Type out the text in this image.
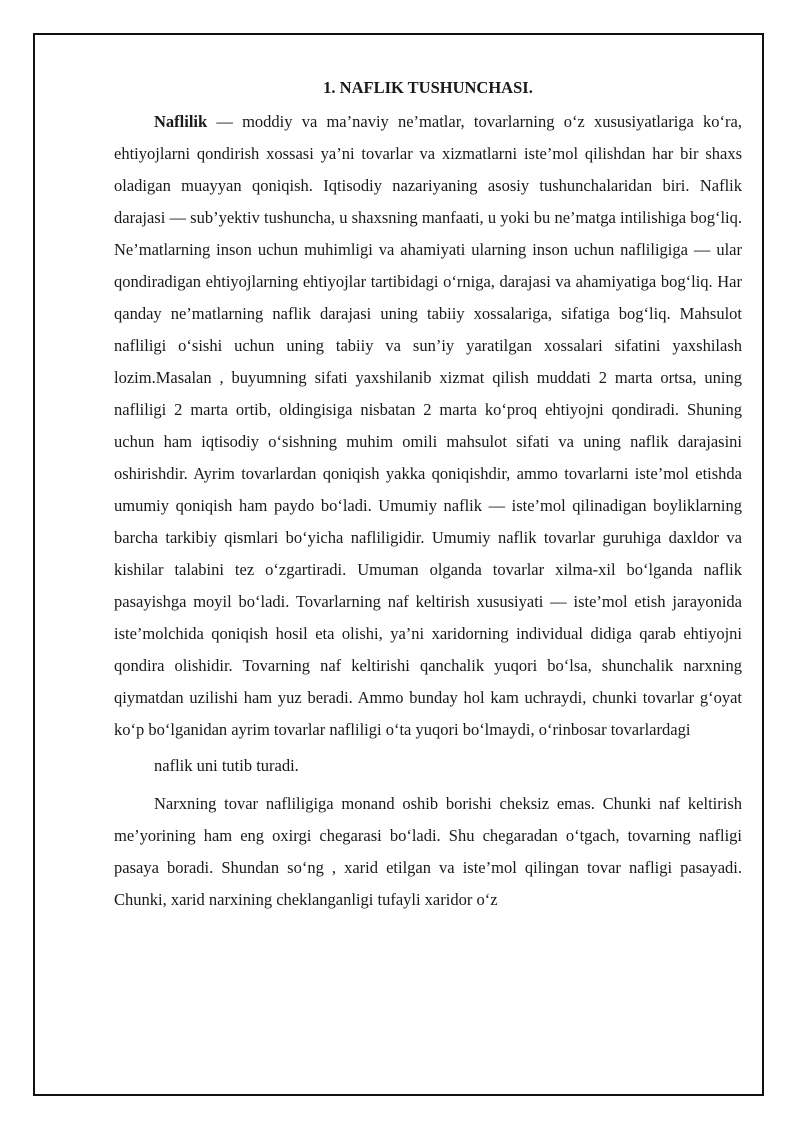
1. NAFLIK TUSHUNCHASI.

Naflilik — moddiy va ma’naviy ne’matlar, tovarlarning o‘z xususiyatlariga ko‘ra, ehtiyojlarni qondirish xossasi ya’ni tovarlar va xizmatlarni iste’mol qilishdan har bir shaxs oladigan muayyan qoniqish. Iqtisodiy nazariyaning asosiy tushunchalaridan biri. Naflik darajasi — sub’yektiv tushuncha, u shaxsning manfaati, u yoki bu ne’matga intilishiga bog‘liq. Ne’matlarning inson uchun muhimligi va ahamiyati ularning inson uchun nafliligiga — ular qondiradigan ehtiyojlarning ehtiyojlar tartibidagi o‘rniga, darajasi va ahamiyatiga bog‘liq. Har qanday ne’matlarning naflik darajasi uning tabiiy xossalariga, sifatiga bog‘liq. Mahsulot nafliligi o‘sishi uchun uning tabiiy va sun’iy yaratilgan xossalari sifatini yaxshilash lozim.Masalan , buyumning sifati yaxshilanib xizmat qilish muddati 2 marta ortsa, uning nafliligi 2 marta ortib, oldingisiga nisbatan 2 marta ko‘proq ehtiyojni qondiradi. Shuning uchun ham iqtisodiy o‘sishning muhim omili mahsulot sifati va uning naflik darajasini oshirishdir. Ayrim tovarlardan qoniqish yakka qoniqishdir, ammo tovarlarni iste’mol etishda umumiy qoniqish ham paydo bo‘ladi. Umumiy naflik — iste’mol qilinadigan boyliklarning barcha tarkibiy qismlari bo‘yicha nafliligidir. Umumiy naflik tovarlar guruhiga daxldor va kishilar talabini tez o‘zgartiradi. Umuman olganda tovarlar xilma-xil bo‘lganda naflik pasayishga moyil bo‘ladi. Tovarlarning naf keltirish xususiyati — iste’mol etish jarayonida iste’molchida qoniqish hosil eta olishi, ya’ni xaridorning individual didiga qarab ehtiyojni qondira olishidir. Tovarning naf keltirishi qanchalik yuqori bo‘lsa, shunchalik narxning qiymatdan uzilishi ham yuz beradi. Ammo bunday hol kam uchraydi, chunki tovarlar g‘oyat ko‘p bo‘lganidan ayrim tovarlar nafliligi o‘ta yuqori bo‘lmaydi, o‘rinbosar tovarlardagi

naflik uni tutib turadi.

Narxning tovar nafliligiga monand oshib borishi cheksiz emas. Chunki naf keltirish me’yorining ham eng oxirgi chegarasi bo‘ladi. Shu chegaradan o‘tgach, tovarning nafligi pasaya boradi. Shundan so‘ng , xarid etilgan va iste’mol qilingan tovar nafligi pasayadi. Chunki, xarid narxining cheklanganligi tufayli xaridor o‘z
